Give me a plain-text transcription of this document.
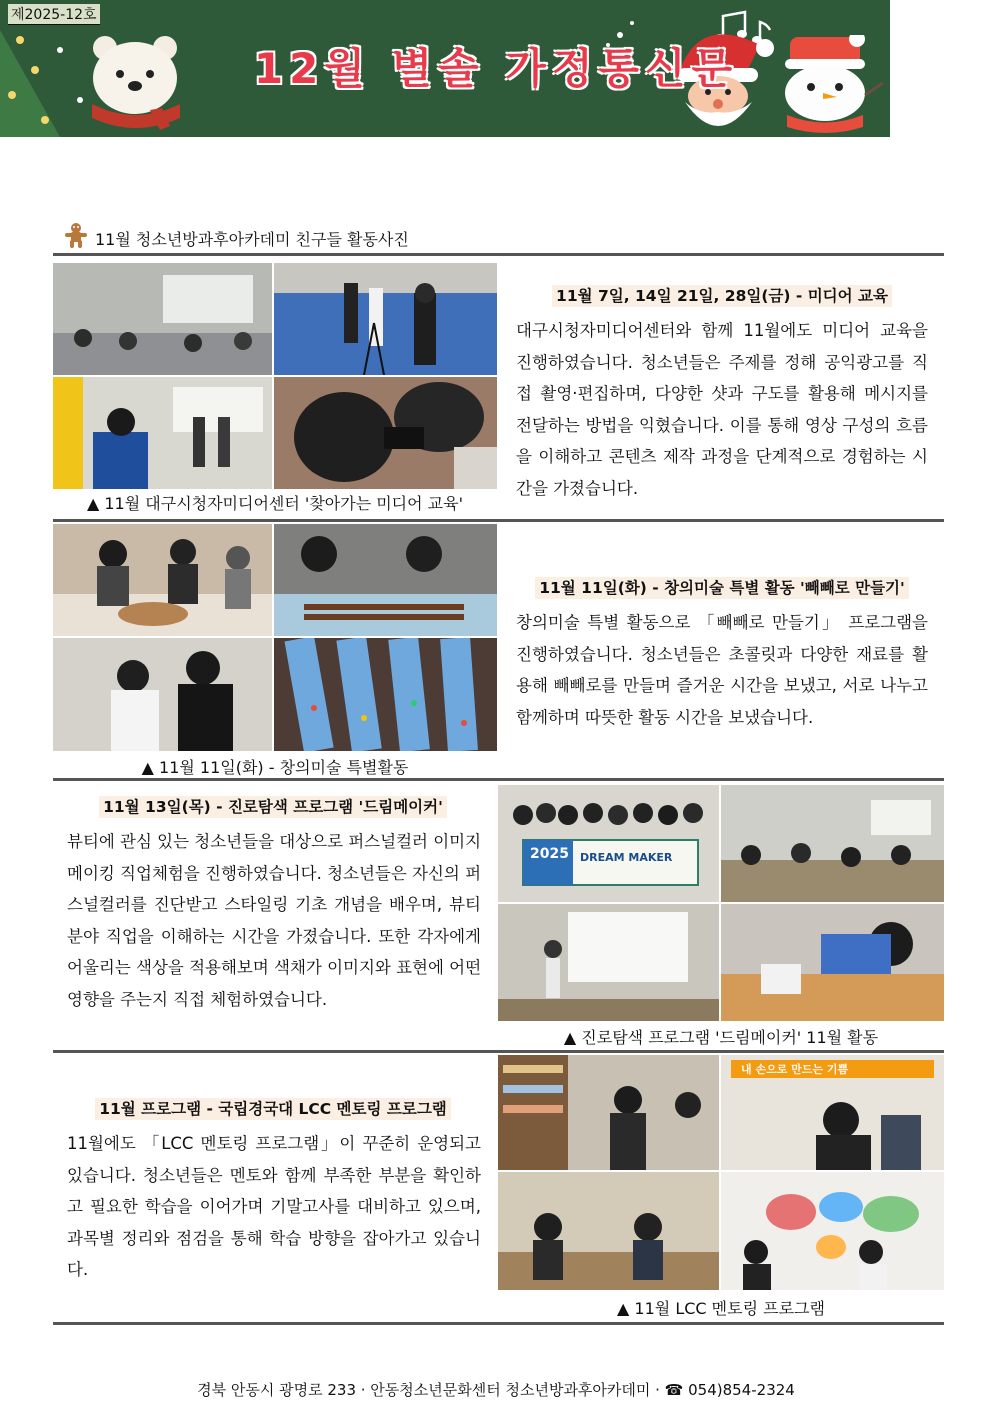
제2025-12호
12월 별솔 가정통신문
경북 안동시 광명로 233 · 안동청소년문화센터 청소년방과후아카데미 · ☎ 054)854-2324
11월 청소년방과후아카데미 친구들 활동사진
▲ 11월 대구시청자미디어센터 '찾아가는 미디어 교육'
11월 7일, 14일 21일, 28일(금) - 미디어 교육
대구시청자미디어센터와 함께 11월에도 미디어 교육을 진행하였습니다. 청소년들은 주제를 정해 공익광고를 직접 촬영·편집하며, 다양한 샷과 구도를 활용해 메시지를 전달하는 방법을 익혔습니다. 이를 통해 영상 구성의 흐름을 이해하고 콘텐츠 제작 과정을 단계적으로 경험하는 시간을 가졌습니다.
▲ 11월 11일(화) - 창의미술 특별활동
11월 11일(화) - 창의미술 특별 활동 '빼빼로 만들기'
창의미술 특별 활동으로 「빼빼로 만들기」 프로그램을 진행하였습니다. 청소년들은 초콜릿과 다양한 재료를 활용해 빼빼로를 만들며 즐거운 시간을 보냈고, 서로 나누고 함께하며 따뜻한 활동 시간을 보냈습니다.
11월 13일(목) - 진로탐색 프로그램 '드림메이커'
뷰티에 관심 있는 청소년들을 대상으로 퍼스널컬러 이미지메이킹 직업체험을 진행하였습니다. 청소년들은 자신의 퍼스널컬러를 진단받고 스타일링 기초 개념을 배우며, 뷰티 분야 직업을 이해하는 시간을 가졌습니다. 또한 각자에게 어울리는 색상을 적용해보며 색채가 이미지와 표현에 어떤 영향을 주는지 직접 체험하였습니다.
2025 DREAM MAKER
▲ 진로탐색 프로그램 '드림메이커' 11월 활동
11월 프로그램 - 국립경국대 LCC 멘토링 프로그램
11월에도 「LCC 멘토링 프로그램」이 꾸준히 운영되고 있습니다. 청소년들은 멘토와 함께 부족한 부분을 확인하고 필요한 학습을 이어가며 기말고사를 대비하고 있으며, 과목별 정리와 점검을 통해 학습 방향을 잡아가고 있습니다.
내 손으로 만드는 기쁨
▲ 11월 LCC 멘토링 프로그램
